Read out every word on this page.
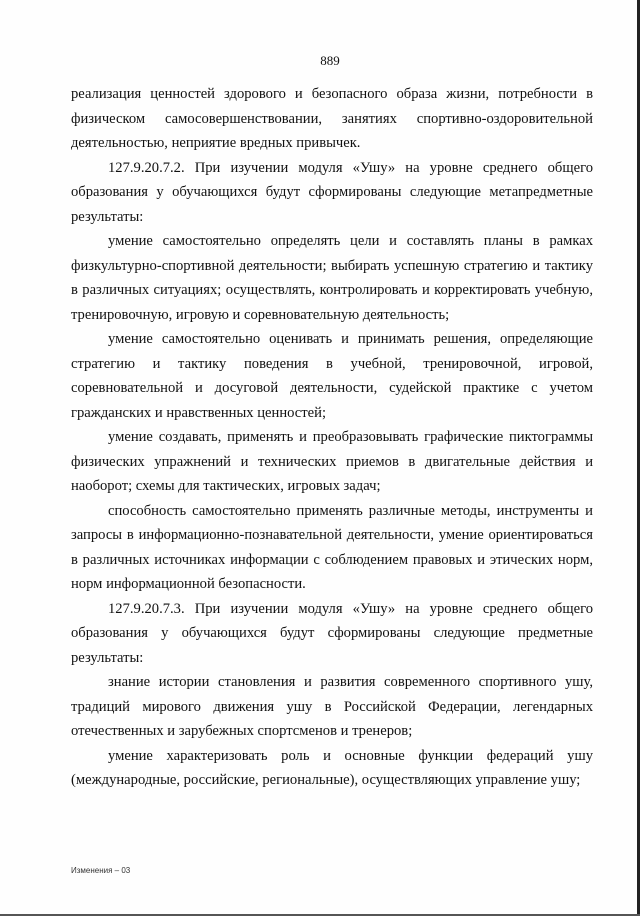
889

реализация ценностей здорового и безопасного образа жизни, потребности в физическом самосовершенствовании, занятиях спортивно-оздоровительной деятельностью, неприятие вредных привычек.

127.9.20.7.2. При изучении модуля «Ушу» на уровне среднего общего образования у обучающихся будут сформированы следующие метапредметные результаты:

умение самостоятельно определять цели и составлять планы в рамках физкультурно-спортивной деятельности; выбирать успешную стратегию и тактику в различных ситуациях; осуществлять, контролировать и корректировать учебную, тренировочную, игровую и соревновательную деятельность;

умение самостоятельно оценивать и принимать решения, определяющие стратегию и тактику поведения в учебной, тренировочной, игровой, соревновательной и досуговой деятельности, судейской практике с учетом гражданских и нравственных ценностей;

умение создавать, применять и преобразовывать графические пиктограммы физических упражнений и технических приемов в двигательные действия и наоборот; схемы для тактических, игровых задач;

способность самостоятельно применять различные методы, инструменты и запросы в информационно-познавательной деятельности, умение ориентироваться в различных источниках информации с соблюдением правовых и этических норм, норм информационной безопасности.

127.9.20.7.3. При изучении модуля «Ушу» на уровне среднего общего образования у обучающихся будут сформированы следующие предметные результаты:

знание истории становления и развития современного спортивного ушу, традиций мирового движения ушу в Российской Федерации, легендарных отечественных и зарубежных спортсменов и тренеров;

умение характеризовать роль и основные функции федераций ушу (международные, российские, региональные), осуществляющих управление ушу;

Изменения – 03
